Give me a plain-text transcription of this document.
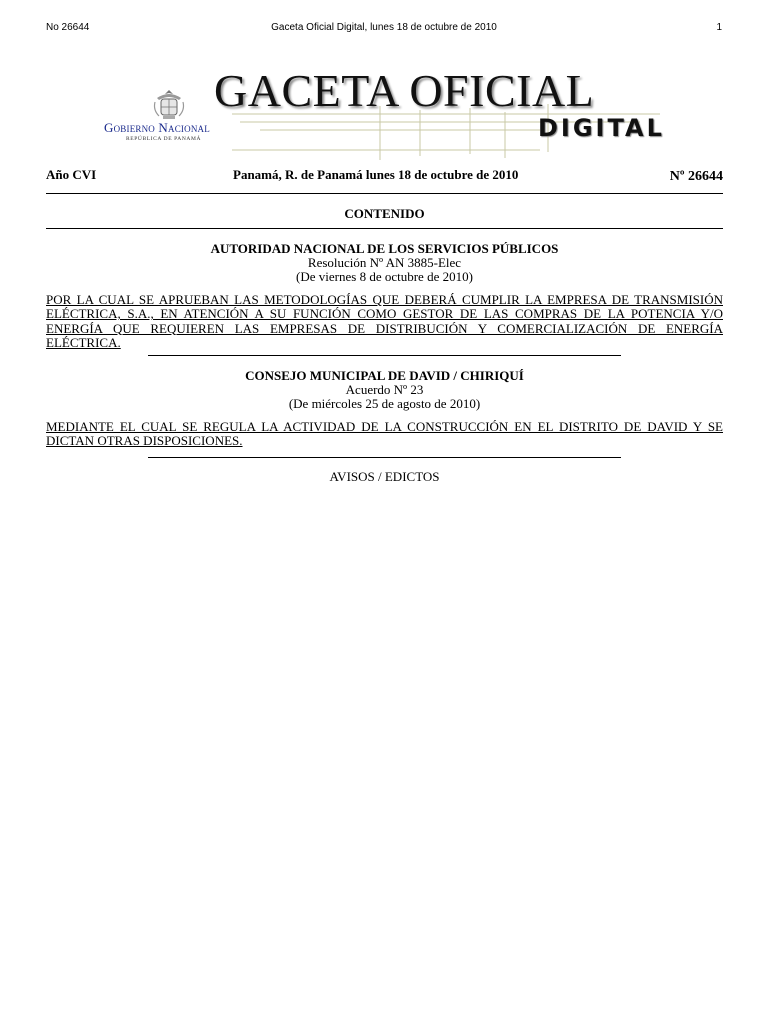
No 26644	Gaceta Oficial Digital, lunes 18 de octubre de 2010	1
Gobierno Nacional
REPÚBLICA DE PANAMÁ
GACETA OFICIAL
DIGITAL
Año CVI	Panamá, R. de Panamá lunes 18 de octubre de 2010	Nº 26644
CONTENIDO
AUTORIDAD NACIONAL DE LOS SERVICIOS PÚBLICOS
Resolución Nº AN 3885-Elec
(De viernes 8 de octubre de 2010)
POR LA CUAL SE APRUEBAN LAS METODOLOGÍAS QUE DEBERÁ CUMPLIR LA EMPRESA DE TRANSMISIÓN ELÉCTRICA, S.A., EN ATENCIÓN A SU FUNCIÓN COMO GESTOR DE LAS COMPRAS DE LA POTENCIA Y/O ENERGÍA QUE REQUIEREN LAS EMPRESAS DE DISTRIBUCIÓN Y COMERCIALIZACIÓN DE ENERGÍA ELÉCTRICA.
CONSEJO MUNICIPAL DE DAVID / CHIRIQUÍ
Acuerdo Nº 23
(De miércoles 25 de agosto de 2010)
MEDIANTE EL CUAL SE REGULA LA ACTIVIDAD DE LA CONSTRUCCIÓN EN EL DISTRITO DE DAVID Y SE DICTAN OTRAS DISPOSICIONES.
AVISOS / EDICTOS
